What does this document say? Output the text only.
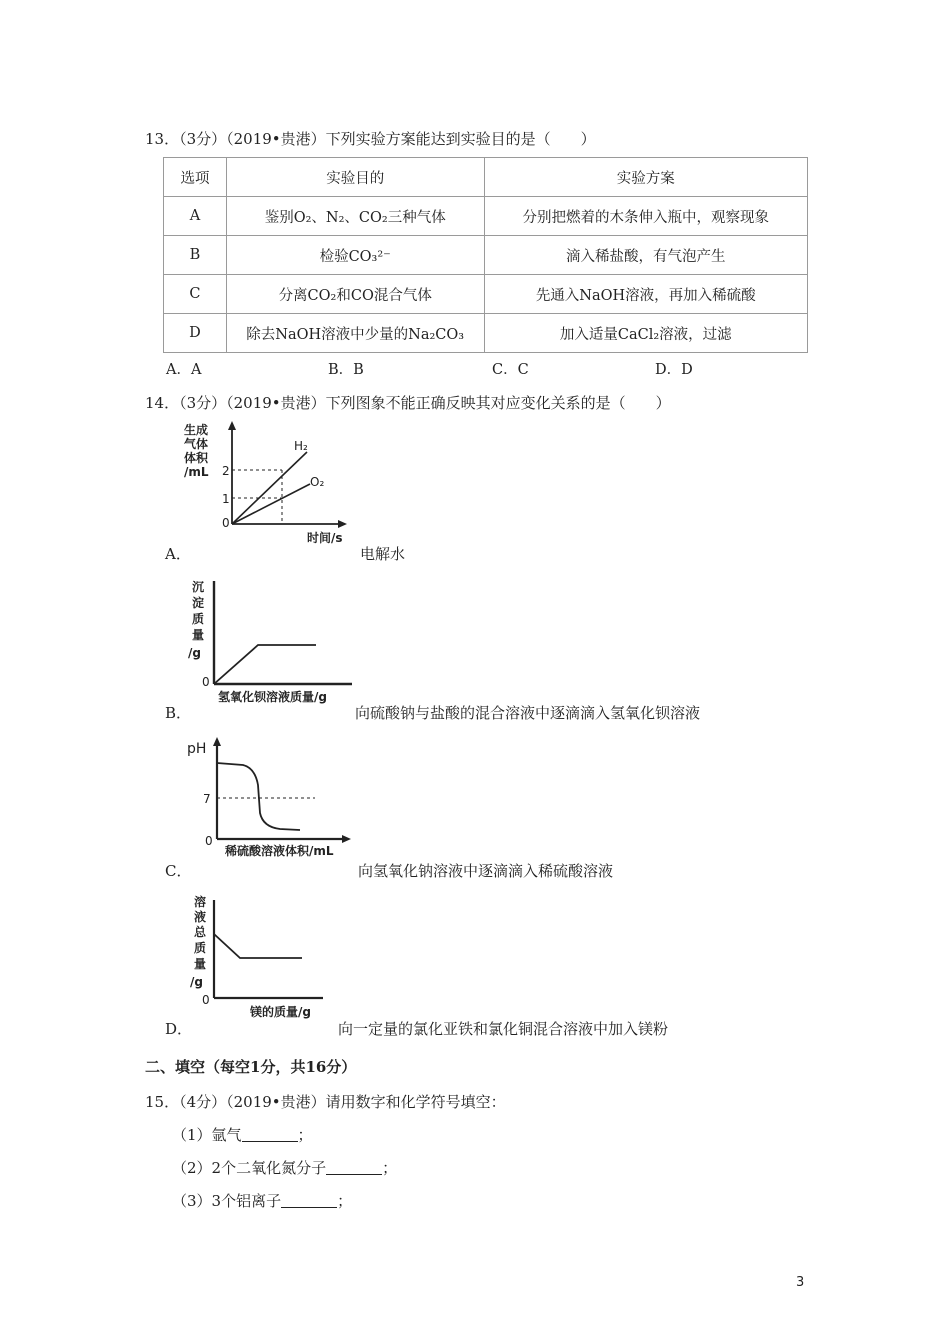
13．（3分）（2019•贵港）下列实验方案能达到实验目的是（　　）
选项	实验目的	实验方案
A	鉴别O₂、N₂、CO₂三种气体	分别把燃着的木条伸入瓶中，观察现象
B	检验CO₃²⁻	滴入稀盐酸，有气泡产生
C	分离CO₂和CO混合气体	先通入NaOH溶液，再加入稀硫酸
D	除去NaOH溶液中少量的Na₂CO₃	加入适量CaCl₂溶液，过滤
A．A	B．B	C．C	D．D
14．（3分）（2019•贵港）下列图象不能正确反映其对应变化关系的是（　　）
生成
气体
体积
/mL 2
1
0
H₂
O₂
时间/s
A．	电解水
沉
淀
质
量
/g
0
氢氧化钡溶液质量/g
B．	向硫酸钠与盐酸的混合溶液中逐滴滴入氢氧化钡溶液
pH
7
0
稀硫酸溶液体积/mL
C．	向氢氧化钠溶液中逐滴滴入稀硫酸溶液
溶
液
总
质
量
/g
0
镁的质量/g
D．	向一定量的氯化亚铁和氯化铜混合溶液中加入镁粉
二、填空（每空1分，共16分）
15．（4分）（2019•贵港）请用数字和化学符号填空：
（1）氩气	；
（2）2个二氧化氮分子	；
（3）3个铝离子	；
3
